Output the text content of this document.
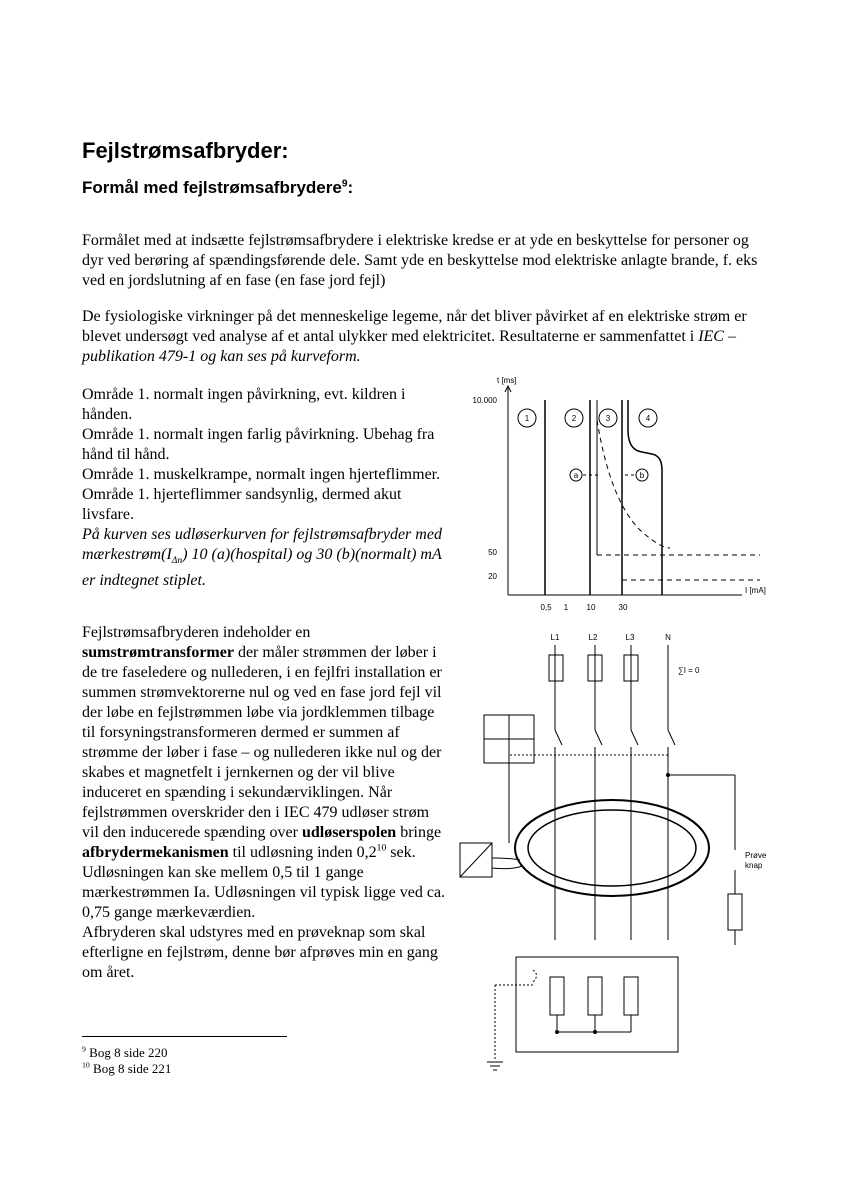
Fejlstrømsafbryder:
Formål med fejlstrømsafbrydere$^9$:

Formålet med at indsætte fejlstrømsafbrydere i elektriske kredse er at yde en beskyttelse for personer og dyr ved berøring af spændingsførende dele. Samt yde en beskyttelse mod elektriske anlagte brande, f. eks ved en jordslutning af en fase (en fase jord fejl)

De fysiologiske virkninger på det menneskelige legeme, når det bliver påvirket af en elektriske strøm er blevet undersøgt ved analyse af et antal ulykker med elektricitet. Resultaterne er sammenfattet i IEC – publikation 479-1 og kan ses på kurveform.

Område 1. normalt ingen påvirkning, evt. kildren i hånden.
Område 1. normalt ingen farlig påvirkning. Ubehag fra hånd til hånd.
Område 1. muskelkrampe, normalt ingen hjerteflimmer.
Område 1. hjerteflimmer sandsynlig, dermed akut livsfare.
På kurven ses udløserkurven for fejlstrømsafbryder med $mærkestrøm(I_{\Delta n})$ 10 (a)(hospital) og 30 (b)(normalt) mA er indtegnet stiplet.
Fejlstrømsafbryderen indeholder en sumstrømtransformer der måler strømmen der løber i de tre faseledere og nullederen, i en fejlfri installation er summen strømvektorerne nul og ved en fase jord fejl vil der løbe en fejlstrømmen løbe via jordklemmen tilbage til forsyningstransformeren dermed er summen af strømme der løber i fase – og nullederen ikke nul og der skabes et magnetfelt i jernkernen og der vil blive induceret en spænding i sekundærviklingen. Når fejlstrømmen overskrider den i IEC 479 udløser strøm vil den inducerede spænding over udløserspolen bringe afbrydermekanismen til udløsning inden $0,2^{10}$ sek.
Udløsningen kan ske mellem 0,5 til 1 gange mærkestrømmen Ia. Udløsningen vil typisk ligge ved ca. 0,75 gange mærkeværdien.
Afbryderen skal udstyres med en prøveknap som skal efterligne en fejlstrøm, denne bør afprøves min en gang om året.
$^9$ Bog 8 side 220
$^{10}$ Bog 8 side 221
t [ms]
I [mA]
10.000
50
20
0,5 1 10	30
1	2	3	4
a	b
L1	L2	L3	N
∑I = 0
Prøve
knap
